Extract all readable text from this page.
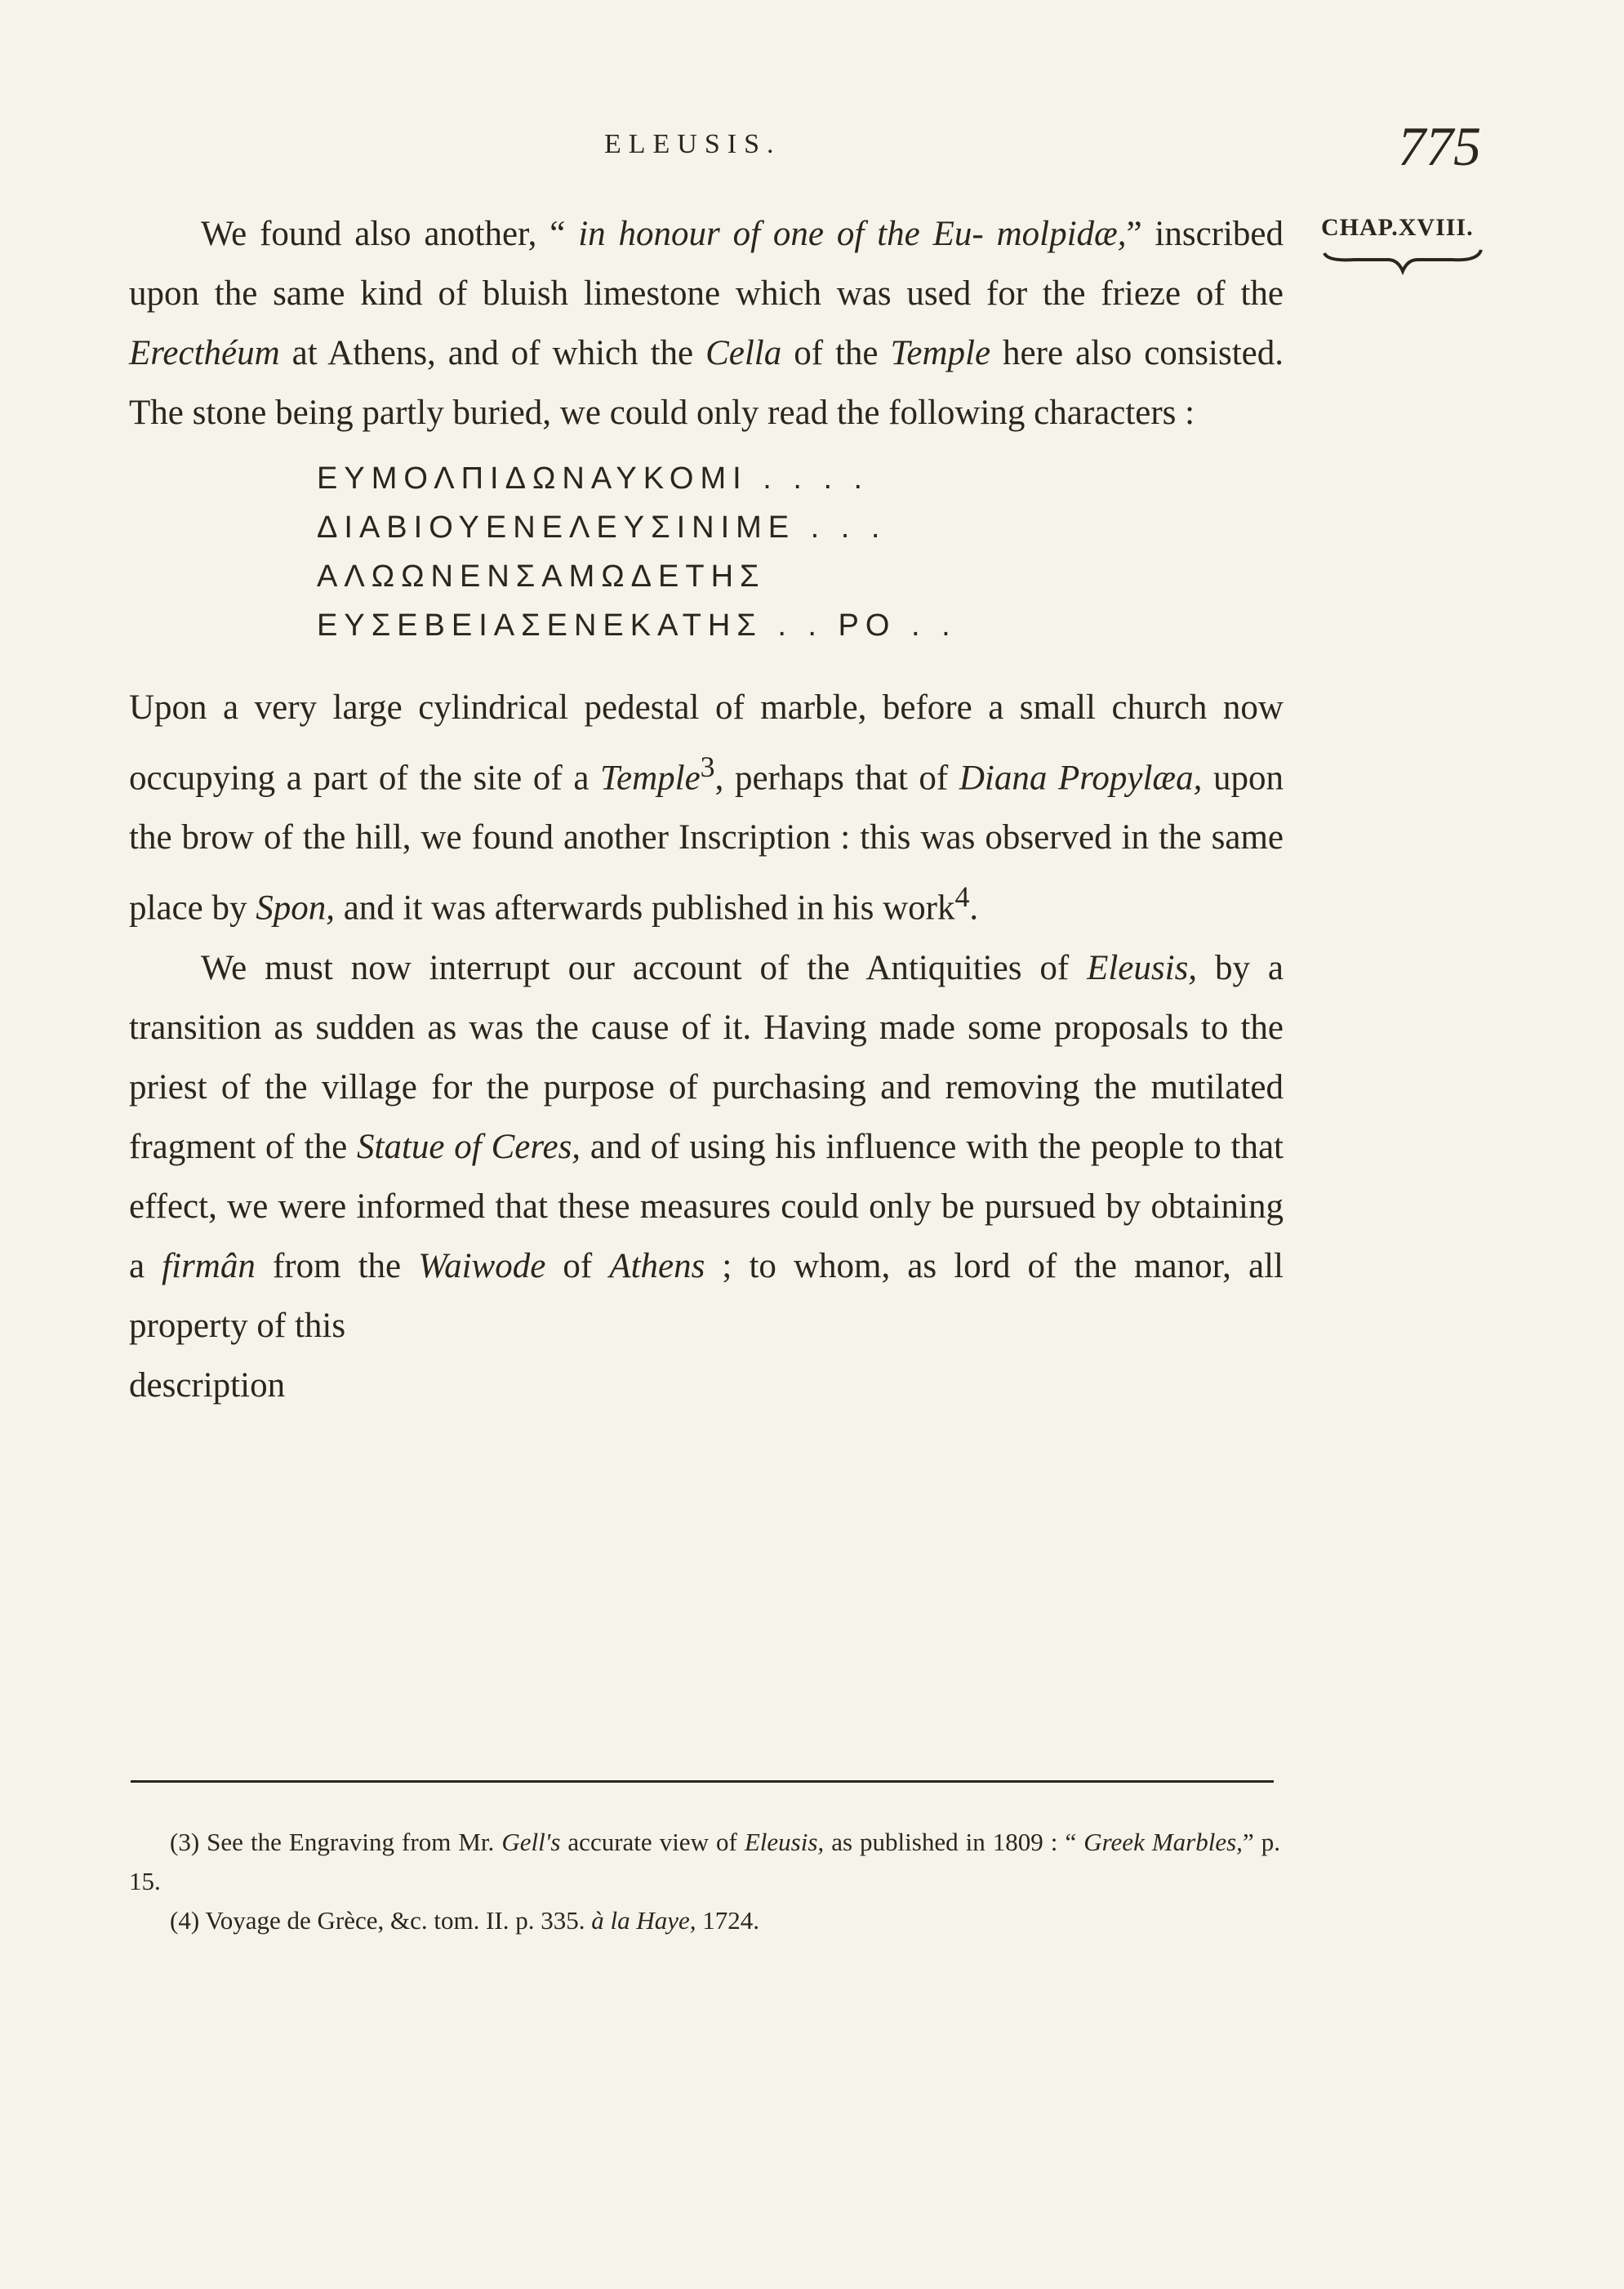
ELEUSIS.	775
CHAP.XVIII.

We found also another, “ in honour of one of the Eu- molpidæ,” inscribed upon the same kind of bluish limestone which was used for the frieze of the Erecthéum at Athens, and of which the Cella of the Temple here also consisted. The stone being partly buried, we could only read the following characters :

ΕΥΜΟΛΠΙΔΩΝΑΥΚΟΜΙ . . . .
ΔΙΑΒΙΟΥΕΝΕΛΕΥΣΙΝΙΜΕ . . .
ΑΛΩΩΝΕΝΣΑΜΩΔΕΤΗΣ
ΕΥΣΕΒΕΙΑΣΕΝΕΚΑΤΗΣ . . ΡΟ . .

Upon a very large cylindrical pedestal of marble, before a small church now occupying a part of the site of a Temple$^3$, perhaps that of Diana Propylæa, upon the brow of the hill, we found another Inscription : this was observed in the same place by Spon, and it was afterwards published in his work$^4$.

We must now interrupt our account of the Antiquities of Eleusis, by a transition as sudden as was the cause of it. Having made some proposals to the priest of the village for the purpose of purchasing and removing the mutilated fragment of the Statue of Ceres, and of using his influence with the people to that effect, we were informed that these measures could only be pursued by obtaining a firmân from the Waiwode of Athens ; to whom, as lord of the manor, all property of this

description

(3) See the Engraving from Mr. Gell's accurate view of Eleusis, as published in 1809 : “ Greek Marbles,” p. 15.

(4) Voyage de Grèce, &c. tom. II. p. 335. à la Haye, 1724.
